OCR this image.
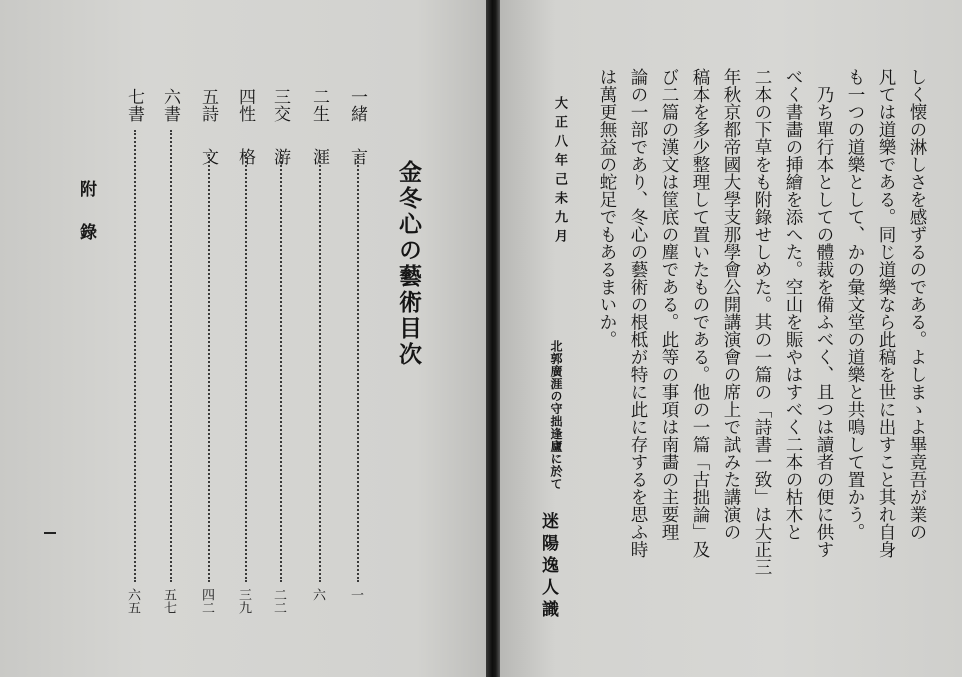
附錄	金冬心の藝術目次
一緒言
一
二生涯
六
三交游
二二
四性格
三九
五詩文
四二
六書
五七
七書
六五
しく懐の淋しさを感ずるのである。よしまゝよ畢竟吾が業の
凡ては道樂である。同じ道樂なら此稿を世に出すこと其れ自身
も一つの道樂として、かの彙文堂の道樂と共鳴して置かう。
　乃ち單行本としての體裁を備ふべく、且つは讀者の便に供す
べく書畵の挿繪を添へた。空山を賑やはすべく二本の枯木と
二本の下草をも附錄せしめた。其の一篇の「詩書一致」は大正三
年秋京都帝國大學支那學會公開講演會の席上で試みた講演の
稿本を多少整理して置いたものである。他の一篇「古拙論」及
び二篇の漢文は筐底の塵である。此等の事項は南畵の主要理
論の一部であり、冬心の藝術の根柢が特に此に存するを思ふ時
は萬更無益の蛇足でもあるまいか。
大正八年己未九月
北郭廣涯の守拙逢廬に於て
迷陽逸人識
